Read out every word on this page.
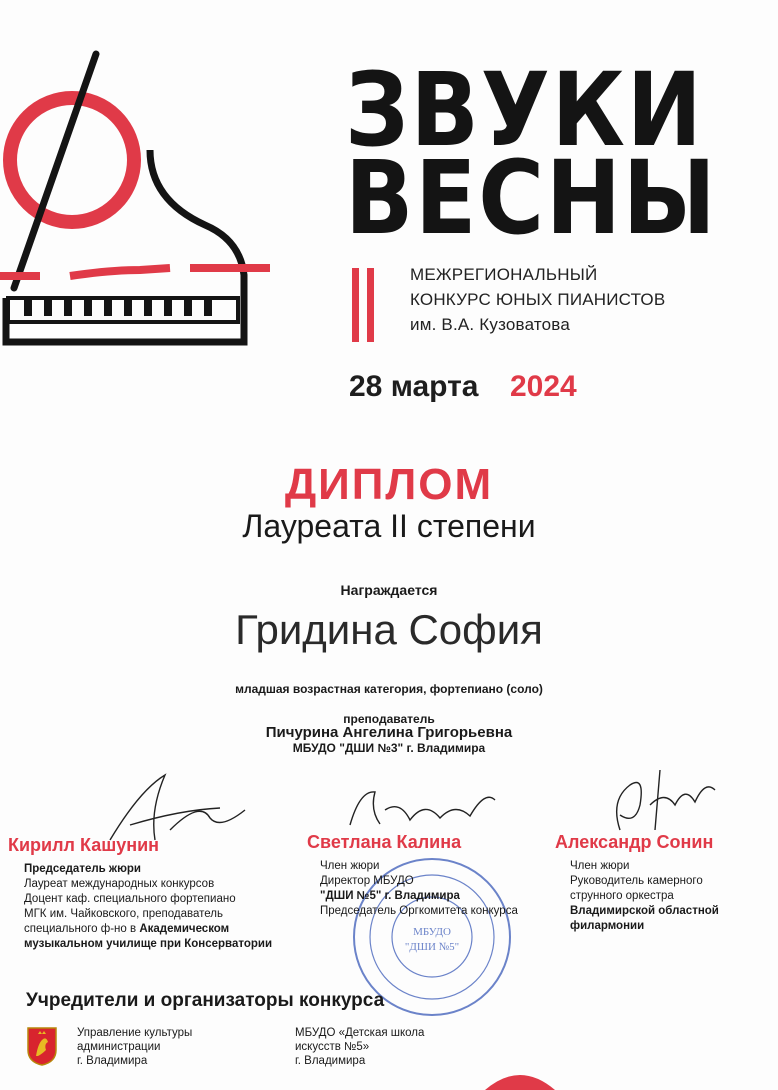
ЗВУКИ
ВЕСНЫ
МЕЖРЕГИОНАЛЬНЫЙ
КОНКУРС ЮНЫХ ПИАНИСТОВ
им. В.А. Кузоватова
28 марта 2024
ДИПЛОМ
Лауреата II степени
Награждается
Гридина София
младшая возрастная категория, фортепиано (соло)
преподаватель
Пичурина Ангелина Григорьевна
МБУДО "ДШИ №3" г. Владимира
МБУДО
"ДШИ №5"
Кирилл Кашунин
Председатель жюри
Лауреат международных конкурсов
Доцент каф. специального фортепиано
МГК им. Чайковского, преподаватель
специального ф-но в Академическом
музыкальном училище при Консерватории
Светлана Калина
Член жюри
Директор МБУДО
"ДШИ №5" г. Владимира
Председатель Оргкомитета конкурса
Александр Сонин
Член жюри
Руководитель камерного
струнного оркестра
Владимирской областной
филармонии
Учредители и организаторы конкурса
Управление культуры
администрации
г. Владимира
МБУДО «Детская школа
искусств №5»
г. Владимира
